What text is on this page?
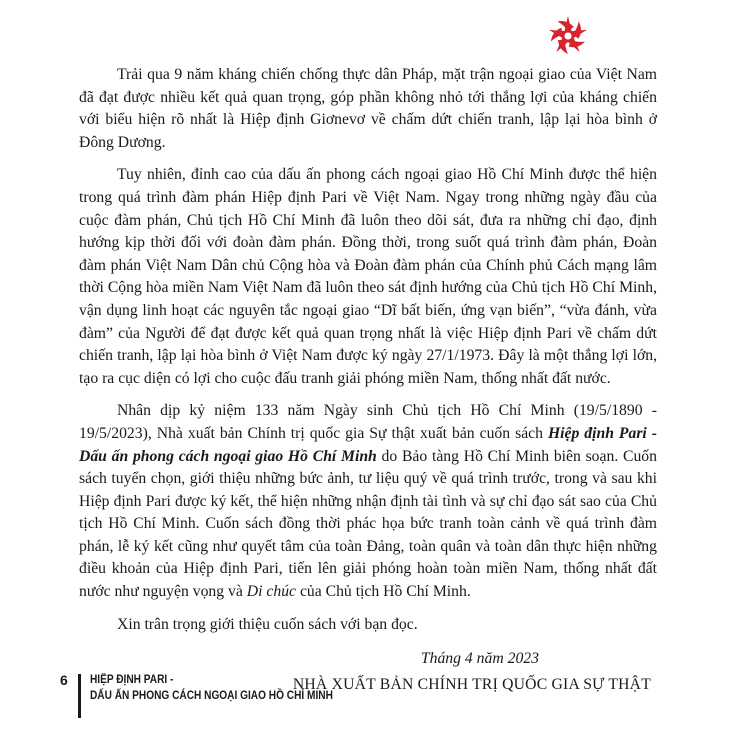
Trải qua 9 năm kháng chiến chống thực dân Pháp, mặt trận ngoại giao của Việt Nam đã đạt được nhiều kết quả quan trọng, góp phần không nhỏ tới thắng lợi của kháng chiến với biểu hiện rõ nhất là Hiệp định Giơnevơ về chấm dứt chiến tranh, lập lại hòa bình ở Đông Dương.

Tuy nhiên, đỉnh cao của dấu ấn phong cách ngoại giao Hồ Chí Minh được thể hiện trong quá trình đàm phán Hiệp định Pari về Việt Nam. Ngay trong những ngày đầu của cuộc đàm phán, Chủ tịch Hồ Chí Minh đã luôn theo dõi sát, đưa ra những chỉ đạo, định hướng kịp thời đối với đoàn đàm phán. Đồng thời, trong suốt quá trình đàm phán, Đoàn đàm phán Việt Nam Dân chủ Cộng hòa và Đoàn đàm phán của Chính phủ Cách mạng lâm thời Cộng hòa miền Nam Việt Nam đã luôn theo sát định hướng của Chủ tịch Hồ Chí Minh, vận dụng linh hoạt các nguyên tắc ngoại giao “Dĩ bất biến, ứng vạn biến”, “vừa đánh, vừa đàm” của Người để đạt được kết quả quan trọng nhất là việc Hiệp định Pari về chấm dứt chiến tranh, lập lại hòa bình ở Việt Nam được ký ngày 27/1/1973. Đây là một thắng lợi lớn, tạo ra cục diện có lợi cho cuộc đấu tranh giải phóng miền Nam, thống nhất đất nước.

Nhân dịp kỷ niệm 133 năm Ngày sinh Chủ tịch Hồ Chí Minh (19/5/1890 - 19/5/2023), Nhà xuất bản Chính trị quốc gia Sự thật xuất bản cuốn sách Hiệp định Pari - Dấu ấn phong cách ngoại giao Hồ Chí Minh do Bảo tàng Hồ Chí Minh biên soạn. Cuốn sách tuyển chọn, giới thiệu những bức ảnh, tư liệu quý về quá trình trước, trong và sau khi Hiệp định Pari được ký kết, thể hiện những nhận định tài tình và sự chỉ đạo sát sao của Chủ tịch Hồ Chí Minh. Cuốn sách đồng thời phác họa bức tranh toàn cảnh về quá trình đàm phán, lễ ký kết cũng như quyết tâm của toàn Đảng, toàn quân và toàn dân thực hiện những điều khoản của Hiệp định Pari, tiến lên giải phóng hoàn toàn miền Nam, thống nhất đất nước như nguyện vọng và Di chúc của Chủ tịch Hồ Chí Minh.

Xin trân trọng giới thiệu cuốn sách với bạn đọc.

Tháng 4 năm 2023
NHÀ XUẤT BẢN CHÍNH TRỊ QUỐC GIA SỰ THẬT
6 HIỆP ĐỊNH PARI -
DẤU ẤN PHONG CÁCH NGOẠI GIAO HỒ CHÍ MINH
